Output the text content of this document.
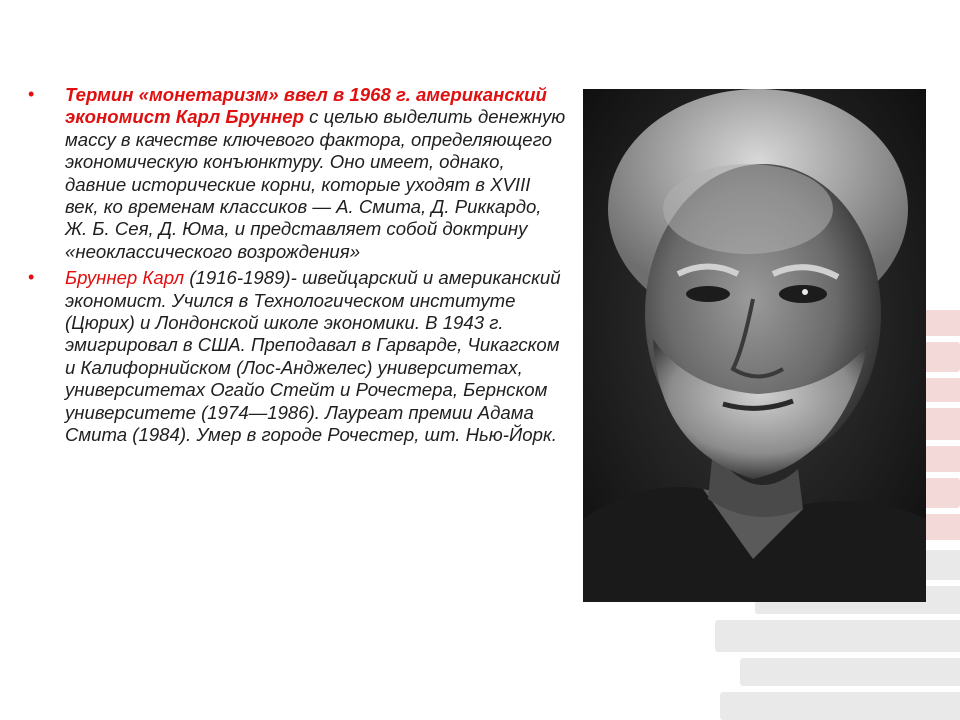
• Термин «монетаризм» ввел в 1968 г. американский экономист Карл Бруннер с целью выделить денежную массу в качестве ключевого фактора, определяющего экономическую конъюнктуру. Оно имеет, однако, давние исторические корни, которые уходят в XVIII век, ко временам классиков — А. Смита, Д. Риккардо, Ж. Б. Сея, Д. Юма, и представляет собой доктрину «неоклассического возрождения»
• Бруннер Карл (1916-1989)- швейцарский и американский экономист. Учился в Технологическом институте (Цюрих) и Лондонской школе экономики. В 1943 г. эмигрировал в США. Преподавал в Гарварде, Чикагском и Калифорнийском (Лос-Анджелес) университетах, университетах Огайо Стейт и Рочестера, Бернском университете (1974—1986). Лауреат премии Адама Смита (1984). Умер в городе Рочестер, шт. Нью-Йорк.
